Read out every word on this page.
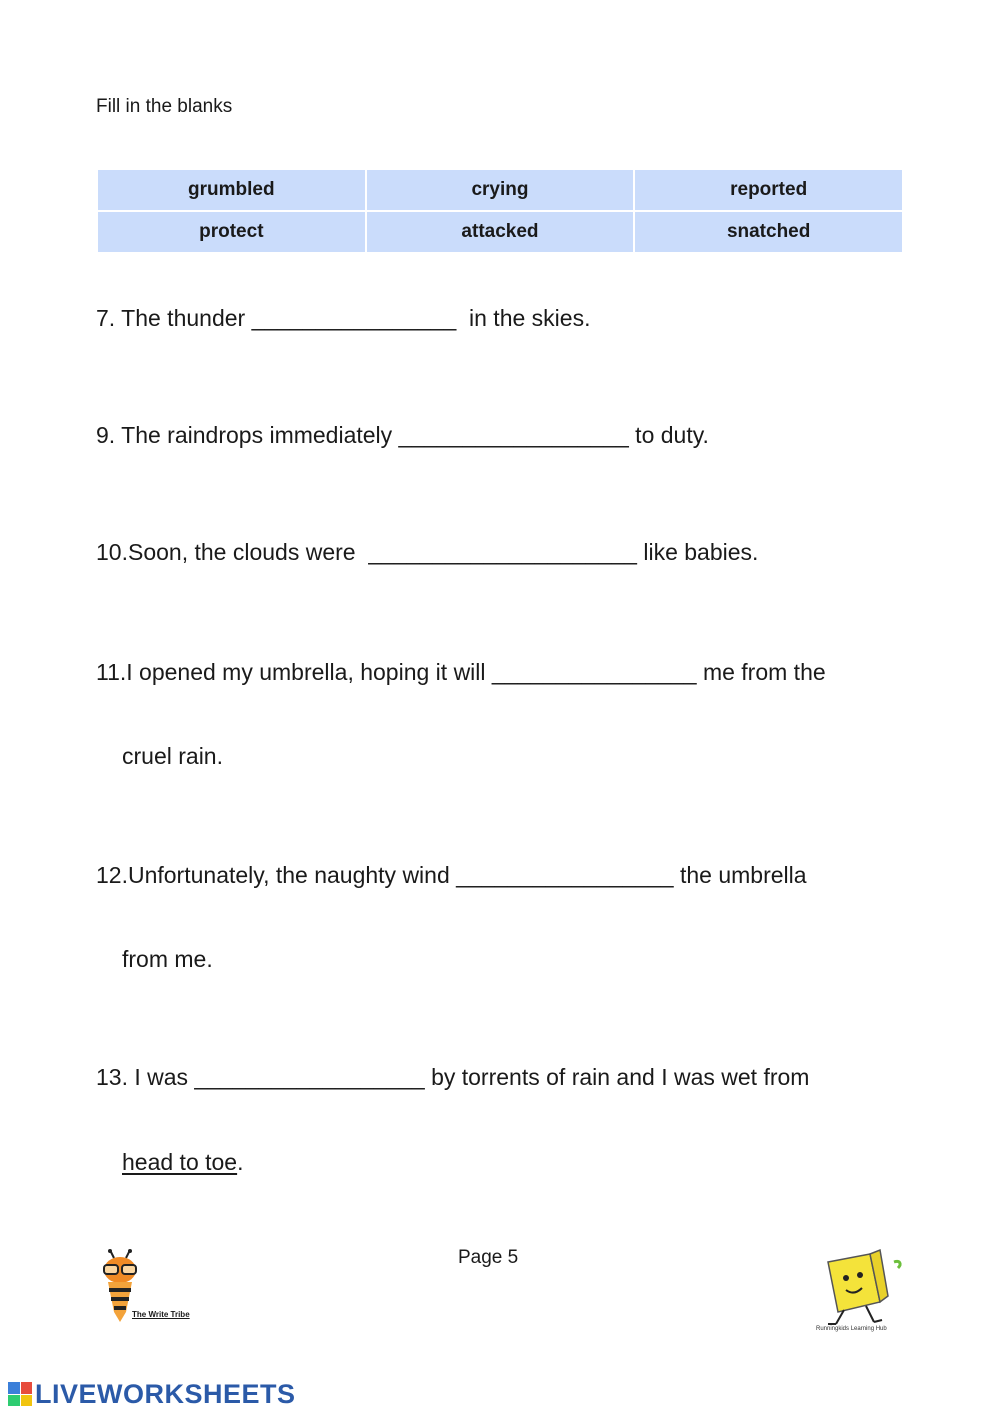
Fill in the blanks
grumbled	crying	reported
protect	attacked	snatched
7. The thunder ________________  in the skies.
9. The raindrops immediately __________________ to duty.
10.Soon, the clouds were  _____________________ like babies.
11.I opened my umbrella, hoping it will ________________ me from the
cruel rain.
12.Unfortunately, the naughty wind _________________ the umbrella
from me.
13. I was __________________ by torrents of rain and I was wet from
head to toe.
Page 5
The Write Tribe
Runningkids Learning Hub
LIVEWORKSHEETS
